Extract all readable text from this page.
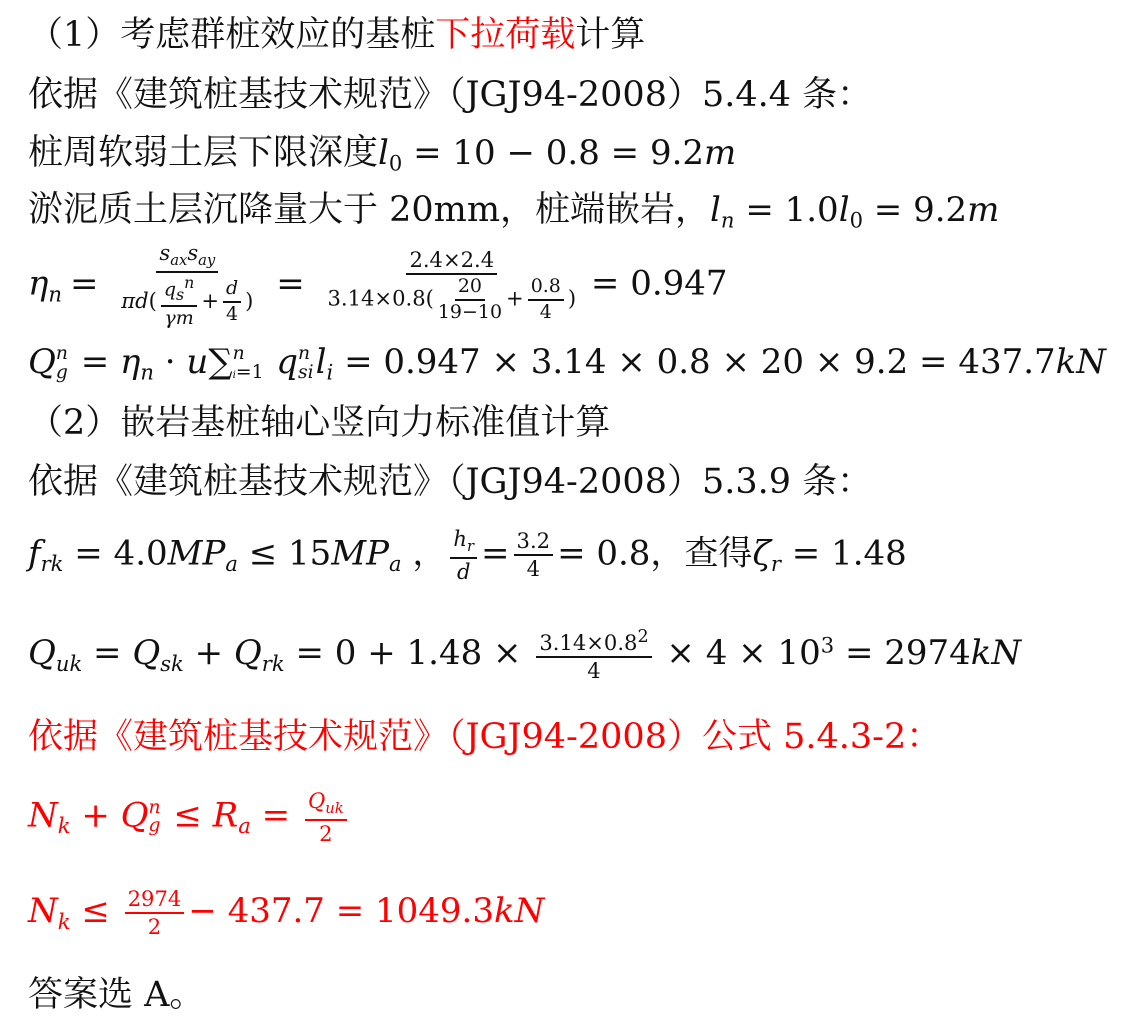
（1）考虑群桩效应的基桩下拉荷载计算
依据《建筑桩基技术规范》（JGJ94-2008）5.4.4 条：
桩周软弱土层下限深度$l_0 = 10 - 0.8 = 9.2m$
淤泥质土层沉降量大于 20mm，桩端嵌岩，$l_n = 1.0l_0 = 9.2m$
$\eta_n = \frac{s_{ax}s_{ay}}{\pi d( \frac{q_s^n}{\gamma m} + \frac{d}{4} )} = \frac{2.4\times 2.4}{3.14\times 0.8( \frac{20}{19-10} + \frac{0.8}{4} )} = 0.947$
Q n
$g = \eta_n \cdot u\sum$ n
i=1 q n
si $l_i = 0.947 \times 3.14 \times 0.8 \times 20 \times 9.2 = 437.7kN$
（2）嵌岩基桩轴心竖向力标准值计算
依据《建筑桩基技术规范》（JGJ94-2008）5.3.9 条：
$f_{rk} = 4.0MP_a \le 15MP_a$ ， $\frac{h_r}{d} = \frac{3.2}{4} = 0.8$，查得$\zeta_r = 1.48$
$Q_{uk} = Q_{sk} + Q_{rk} = 0 + 1.48 \times \frac{3.14\times 0.8^2}{4} \times 4 \times 10^3 = 2974kN$
依据《建筑桩基技术规范》（JGJ94-2008）公式 5.4.3-2：
$N_k + Q$ n
$g \le R_a = \frac{Q_{uk}}{2}$
$N_k \le \frac{2974}{2} - 437.7 = 1049.3kN$
答案选 A。
